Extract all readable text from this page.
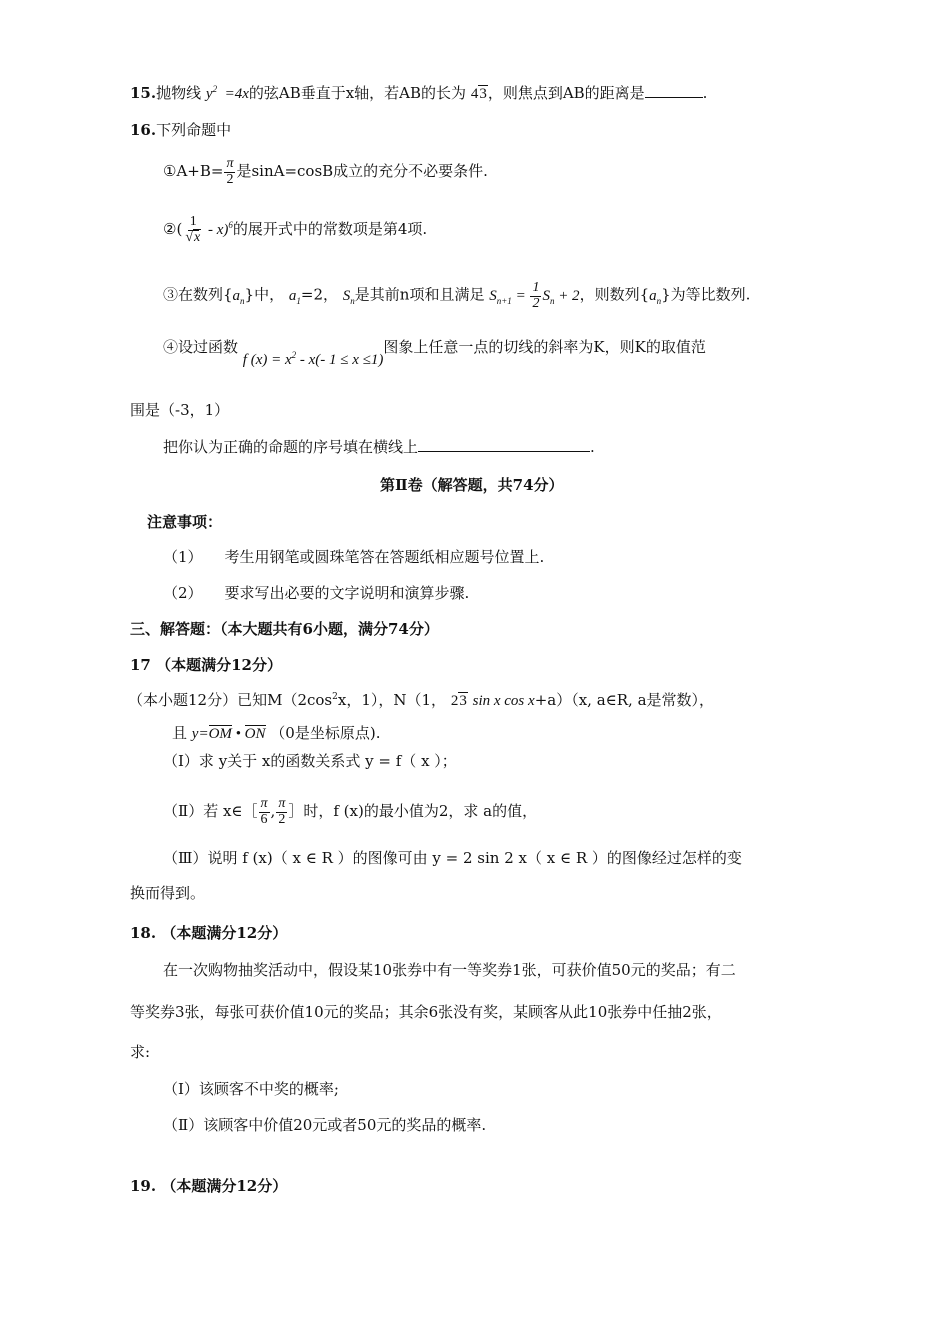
15.抛物线 $y^2 =4x$的弦AB垂直于x轴，若AB的长为 43，则焦点到AB的距离是	.
16.下列命题中
①A+B= $\frac{\pi}{2}$ 是sinA=cosB成立的充分不必要条件.
②( $\frac{1}{√x} - x)^6$的展开式中的常数项是第4项.
③在数列$\{a_n\}$中， $a_1=2$， $S_n$是其前n项和且满足 $S_{n+1} = \frac{1}{2} S_n + 2$，则数列$\{a_n\}$为等比数列.
④设过函数 f $(x) = x^2 - x(-$ 1 ≤ x ≤1)图象上任意一点的切线的斜率为K，则K的取值范
围是（-3，1）
把你认为正确的命题的序号填在横线上	.
第Ⅱ卷（解答题，共74分）
注意事项：
（1） 考生用钢笔或圆珠笔答在答题纸相应题号位置上.
（2） 要求写出必要的文字说明和演算步骤.
三、解答题：（本大题共有6小题，满分74分）
17 （本题满分12分）
（本小题12分）已知$M(2\cos^2x$，1），N（1， 23 sin x cos x+a）（x, a∈R, a是常数），
且 y=OM • ON （0是坐标原点).
（Ⅰ）求 y关于 x的函数关系式 y = f（ x ）；
（Ⅱ）若 x∈［ $\frac{\pi}{6}$ , $\frac{\pi}{2}$ ］时，f (x)的最小值为2，求 a的值，
（Ⅲ）说明 f (x)（ x ∈ R ）的图像可由 y = 2 sin 2 x（ x ∈ R ）的图像经过怎样的变
换而得到。
18. （本题满分12分）
在一次购物抽奖活动中，假设某10张券中有一等奖券1张，可获价值50元的奖品；有二
等奖券3张，每张可获价值10元的奖品；其余6张没有奖，某顾客从此10张券中任抽2张，
求:
（Ⅰ）该顾客不中奖的概率;
（Ⅱ）该顾客中价值20元或者50元的奖品的概率.
19. （本题满分12分）
